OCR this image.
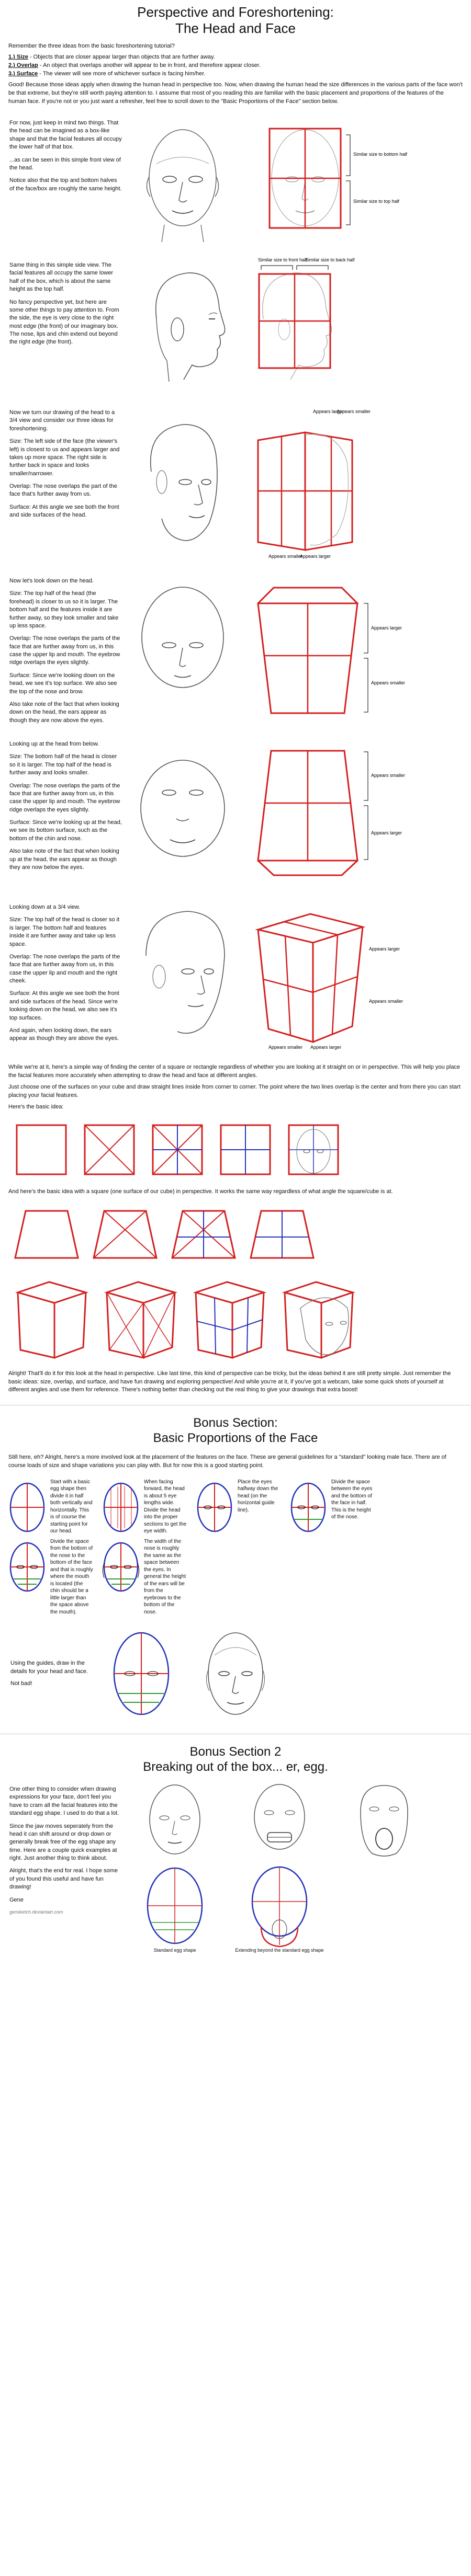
Perspective and Foreshortening:
The Head and Face

Remember the three ideas from the basic foreshortening tutorial?

1.) Size - Objects that are closer appear larger than objects that are further away.
2.) Overlap - An object that overlaps another will appear to be in front, and therefore appear closer.
3.) Surface - The viewer will see more of whichever surface is facing him/her.

Good! Because those ideas apply when drawing the human head in perspective too. Now, when drawing the human head the size differences in the various parts of the face won't be that extreme, but they're still worth paying attention to. I assume that most of you reading this are familiar with the basic placement and proportions of the features of the human face. If you're not or you just want a refresher, feel free to scroll down to the "Basic Proportions of the Face" section below.

For now, just keep in mind two things. That the head can be imagined as a box-like shape and that the facial features all occupy the lower half of that box.

...as can be seen in this simple front view of the head.

Notice also that the top and bottom halves of the face/box are roughly the same height.

Similar size to bottom half
Similar size to top half

Same thing in this simple side view. The facial features all occupy the same lower half of the box, which is about the same height as the top half.

No fancy perspective yet, but here are some other things to pay attention to. From the side, the eye is very close to the right most edge (the front) of our imaginary box. The nose, lips and chin extend out beyond the right edge (the front).

Similar size to front half
Similar size to back half

Now we turn our drawing of the head to a 3/4 view and consider our three ideas for foreshortening.

Size: The left side of the face (the viewer's left) is closest to us and appears larger and takes up more space. The right side is further back in space and looks smaller/narrower.

Overlap: The nose overlaps the part of the face that's further away from us.

Surface: At this angle we see both the front and side surfaces of the head.

Appears larger
Appears smaller
Appears smaller
Appears larger

Now let's look down on the head.

Size: The top half of the head (the forehead) is closer to us so it is larger. The bottom half and the features inside it are further away, so they look smaller and take up less space.

Overlap: The nose overlaps the parts of the face that are further away from us, in this case the upper lip and mouth. The eyebrow ridge overlaps the eyes slightly.

Surface: Since we're looking down on the head, we see it's top surface. We also see the top of the nose and brow.

Also take note of the fact that when looking down on the head, the ears appear as though they are now above the eyes.

Appears larger
Appears smaller

Looking up at the head from below.

Size: The bottom half of the head is closer so it is larger. The top half of the head is further away and looks smaller.

Overlap: The nose overlaps the parts of the face that are further away from us, in this case the upper lip and mouth. The eyebrow ridge overlaps the eyes slightly.

Surface: Since we're looking up at the head, we see its bottom surface, such as the bottom of the chin and nose.

Also take note of the fact that when looking up at the head, the ears appear as though they are now below the eyes.

Appears smaller
Appears larger

Looking down at a 3/4 view.

Size: The top half of the head is closer so it is larger. The bottom half and features inside it are further away and take up less space.

Overlap: The nose overlaps the parts of the face that are further away from us, in this case the upper lip and mouth and the right cheek.

Surface: At this angle we see both the front and side surfaces of the head. Since we're looking down on the head, we also see it's top surfaces.

And again, when looking down, the ears appear as though they are above the eyes.

Appears larger
Appears smaller
Appears smaller Appears larger

While we're at it, here's a simple way of finding the center of a square or rectangle regardless of whether you are looking at it straight on or in perspective. This will help you place the facial features more accurately when attempting to draw the head and face at different angles.

Just choose one of the surfaces on your cube and draw straight lines inside from corner to corner. The point where the two lines overlap is the center and from there you can start placing your facial features.

Here's the basic idea:

And here's the basic idea with a square (one surface of our cube) in perspective. It works the same way regardless of what angle the square/cube is at.

Alright! That'll do it for this look at the head in perspective. Like last time, this kind of perspective can be tricky, but the ideas behind it are still pretty simple. Just remember the basic ideas: size, overlap, and surface, and have fun drawing and exploring perspective! And while you're at it, if you've got a webcam, take some quick shots of yourself at different angles and use them for reference. There's nothing better than checking out the real thing to give your drawings that extra boost!

Bonus Section:
Basic Proportions of the Face

Still here, eh? Alright, here's a more involved look at the placement of the features on the face. These are general guidelines for a "standard" looking male face. There are of course loads of size and shape variations you can play with. But for now this is a good starting point.

Start with a basic egg shape then divide it in half both vertically and horizontally. This is of course the starting point for our head.
When facing forward, the head is about 5 eye lengths wide. Divide the head into the proper sections to get the eye width.
Place the eyes halfway down the head (on the horizontal guide line).
Divide the space between the eyes and the bottom of the face in half. This is the height of the nose.
Divide the space from the bottom of the nose to the bottom of the face and that is roughly where the mouth is located (the chin should be a little larger than the space above the mouth).
The width of the nose is roughly the same as the space between the eyes. In general the height of the ears will be from the eyebrows to the bottom of the nose.

Using the guides, draw in the details for your head and face.

Not bad!

Bonus Section 2
Breaking out of the box... er, egg.

One other thing to consider when drawing expressions for your face, don't feel you have to cram all the facial features into the standard egg shape. I used to do that a lot.

Since the jaw moves seperately from the head it can shift around or drop down or generally break free of the egg shape any time. Here are a couple quick examples at right. Just another thing to think about.

Alright, that's the end for real. I hope some of you found this useful and have fun drawing!

Gene

gensketch.deviantart.com

Standard egg shape	Extending beyond the standard egg shape
